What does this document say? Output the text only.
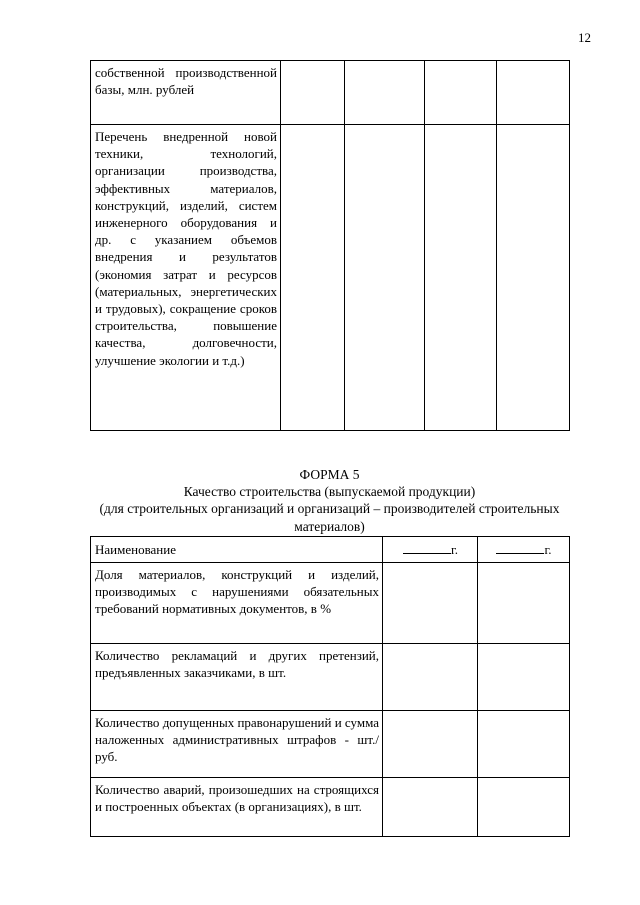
12

собственной производственной базы, млн. рублей				

Перечень внедренной новой техники, технологий, организации производства, эффективных материалов, конструкций, изделий, систем инженерного оборудования и др. с указанием объемов внедрения и результатов (экономия затрат и ресурсов (материальных, энергетических и трудовых), сокращение сроков строительства, повышение качества, долговечности, улучшение экологии и т.д.)				

ФОРМА 5
Качество строительства (выпускаемой продукции)
(для строительных организаций и организаций – производителей строительных материалов)

Наименование	г.	г.

Доля материалов, конструкций и изделий, производимых с нарушениями обязательных требований нормативных документов, в %		

Количество рекламаций и других претензий, предъявленных заказчиками, в шт.		

Количество допущенных правонарушений и сумма наложенных административных штрафов - шт./руб.		

Количество аварий, произошедших на строящихся и построенных объектах (в организациях), в шт.		
